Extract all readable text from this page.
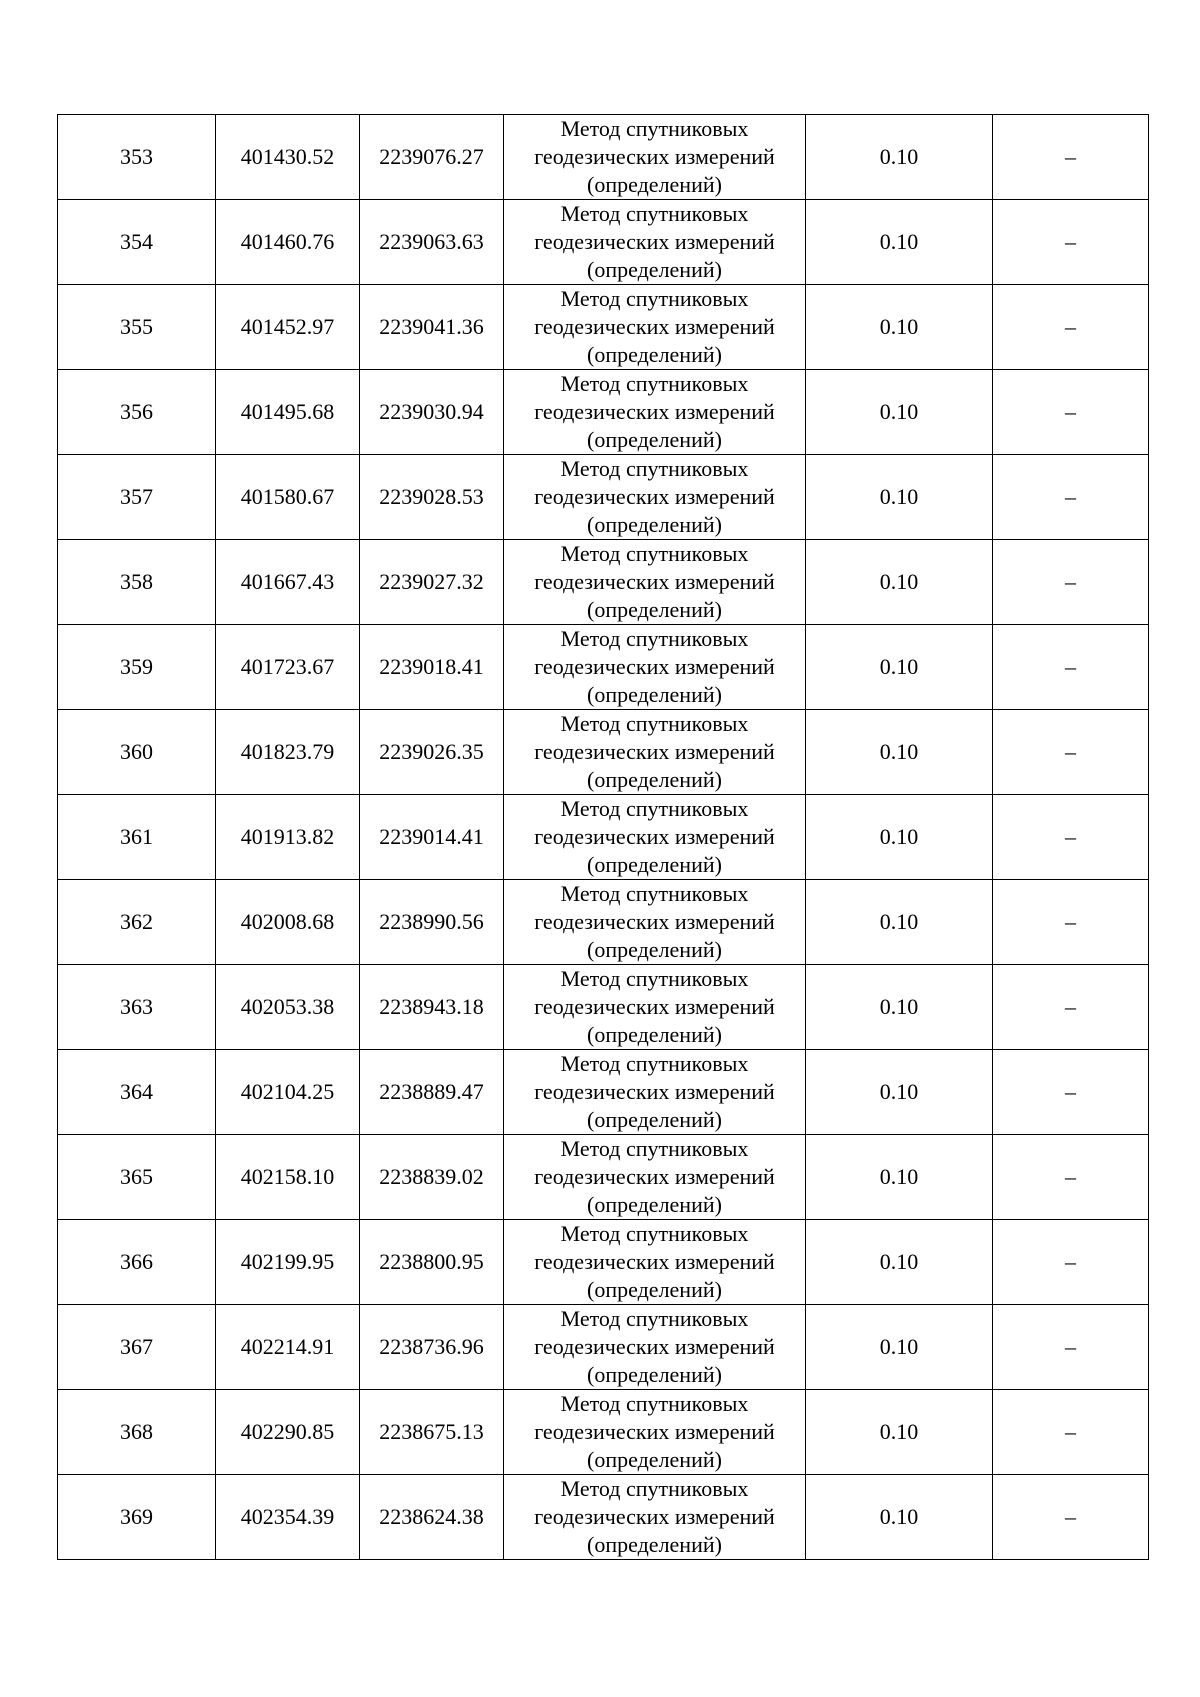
353	401430.52	2239076.27	Метод спутниковых
геодезических измерений
(определений)	0.10	–
354	401460.76	2239063.63	Метод спутниковых
геодезических измерений
(определений)	0.10	–
355	401452.97	2239041.36	Метод спутниковых
геодезических измерений
(определений)	0.10	–
356	401495.68	2239030.94	Метод спутниковых
геодезических измерений
(определений)	0.10	–
357	401580.67	2239028.53	Метод спутниковых
геодезических измерений
(определений)	0.10	–
358	401667.43	2239027.32	Метод спутниковых
геодезических измерений
(определений)	0.10	–
359	401723.67	2239018.41	Метод спутниковых
геодезических измерений
(определений)	0.10	–
360	401823.79	2239026.35	Метод спутниковых
геодезических измерений
(определений)	0.10	–
361	401913.82	2239014.41	Метод спутниковых
геодезических измерений
(определений)	0.10	–
362	402008.68	2238990.56	Метод спутниковых
геодезических измерений
(определений)	0.10	–
363	402053.38	2238943.18	Метод спутниковых
геодезических измерений
(определений)	0.10	–
364	402104.25	2238889.47	Метод спутниковых
геодезических измерений
(определений)	0.10	–
365	402158.10	2238839.02	Метод спутниковых
геодезических измерений
(определений)	0.10	–
366	402199.95	2238800.95	Метод спутниковых
геодезических измерений
(определений)	0.10	–
367	402214.91	2238736.96	Метод спутниковых
геодезических измерений
(определений)	0.10	–
368	402290.85	2238675.13	Метод спутниковых
геодезических измерений
(определений)	0.10	–
369	402354.39	2238624.38	Метод спутниковых
геодезических измерений
(определений)	0.10	–
